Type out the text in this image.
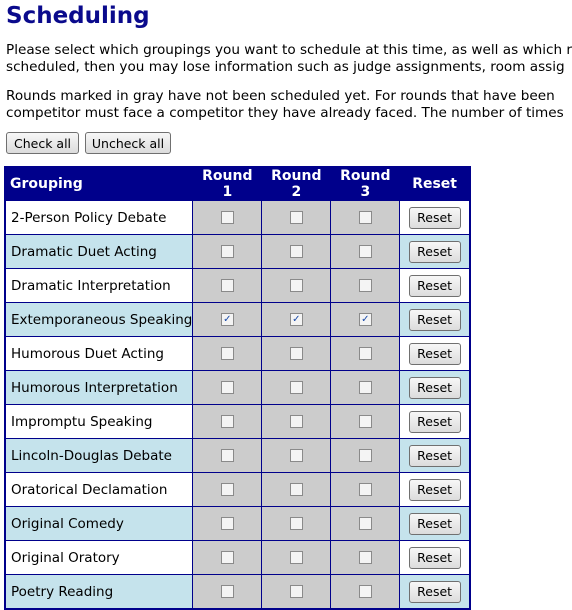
Scheduling

Please select which groupings you want to schedule at this time, as well as which r
scheduled, then you may lose information such as judge assignments, room assig

Rounds marked in gray have not been scheduled yet. For rounds that have been
competitor must face a competitor they have already faced. The number of times

Check all	Uncheck all
Grouping	Round 1	Round 2	Round 3	Reset
2-Person Policy Debate				Reset
Dramatic Duet Acting				Reset
Dramatic Interpretation				Reset
Extemporaneous Speaking	✓	✓	✓	Reset
Humorous Duet Acting				Reset
Humorous Interpretation				Reset
Impromptu Speaking				Reset
Lincoln-Douglas Debate				Reset
Oratorical Declamation				Reset
Original Comedy				Reset
Original Oratory				Reset
Poetry Reading				Reset
